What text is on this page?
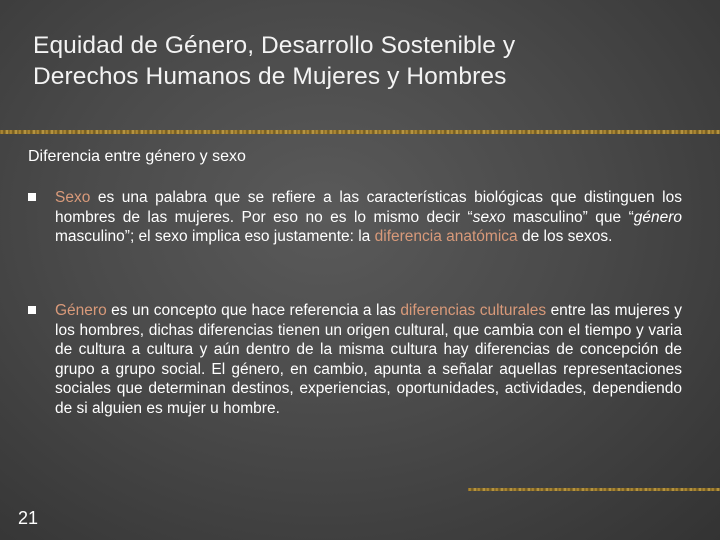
Equidad de Género, Desarrollo Sostenible y
Derechos Humanos de Mujeres y Hombres
Diferencia entre género y sexo
Sexo es una palabra que se refiere a las características biológicas que distinguen los hombres de las mujeres. Por eso no es lo mismo decir “sexo masculino” que “género masculino”; el sexo implica eso justamente: la diferencia anatómica de los sexos.
Género es un concepto que hace referencia a las diferencias culturales entre las mujeres y los hombres, dichas diferencias tienen un origen cultural, que cambia con el tiempo y varia de cultura a cultura y aún dentro de la misma cultura hay diferencias de concepción de grupo a grupo social. El género, en cambio, apunta a señalar aquellas representaciones sociales que determinan destinos, experiencias, oportunidades, actividades, dependiendo de si alguien es mujer u hombre.
21
